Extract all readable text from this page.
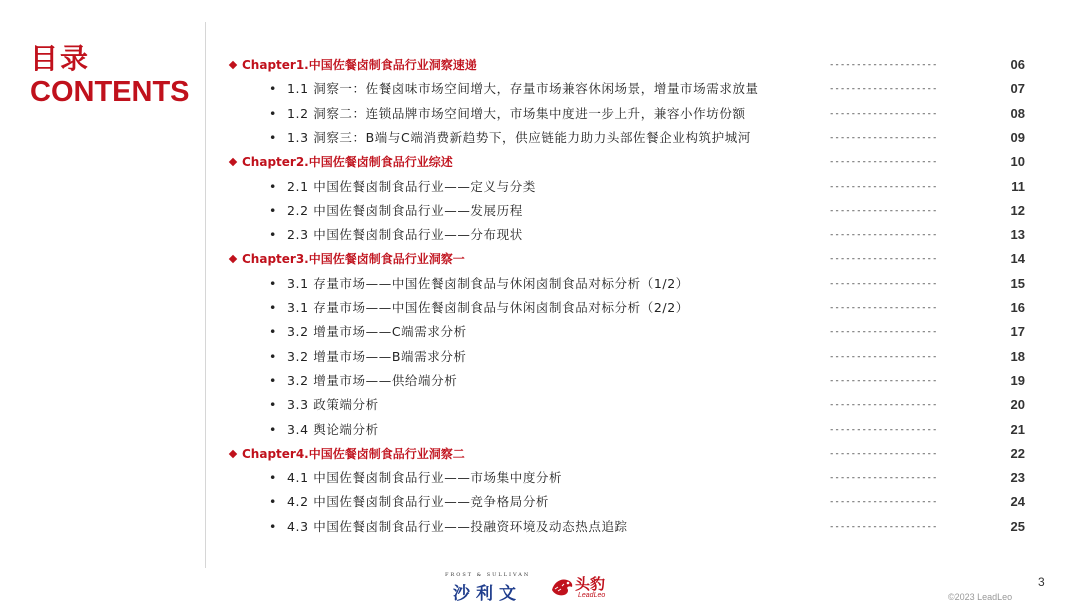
目录
CONTENTS
Chapter1.中国佐餐卤制食品行业洞察速递	--------------------	06
• 1.1 洞察一：佐餐卤味市场空间增大，存量市场兼容休闲场景，增量市场需求放量	--------------------	07
• 1.2 洞察二：连锁品牌市场空间增大，市场集中度进一步上升，兼容小作坊份额	--------------------	08
• 1.3 洞察三：B端与C端消费新趋势下，供应链能力助力头部佐餐企业构筑护城河	--------------------	09
Chapter2.中国佐餐卤制食品行业综述	--------------------	10
• 2.1 中国佐餐卤制食品行业——定义与分类	--------------------	11
• 2.2 中国佐餐卤制食品行业——发展历程	--------------------	12
• 2.3 中国佐餐卤制食品行业——分布现状	--------------------	13
Chapter3.中国佐餐卤制食品行业洞察一	--------------------	14
• 3.1 存量市场——中国佐餐卤制食品与休闲卤制食品对标分析（1/2）	--------------------	15
• 3.1 存量市场——中国佐餐卤制食品与休闲卤制食品对标分析（2/2）	--------------------	16
• 3.2 增量市场——C端需求分析	--------------------	17
• 3.2 增量市场——B端需求分析	--------------------	18
• 3.2 增量市场——供给端分析	--------------------	19
• 3.3 政策端分析	--------------------	20
• 3.4 舆论端分析	--------------------	21
Chapter4.中国佐餐卤制食品行业洞察二	--------------------	22
• 4.1 中国佐餐卤制食品行业——市场集中度分析	--------------------	23
• 4.2 中国佐餐卤制食品行业——竞争格局分析	--------------------	24
• 4.3 中国佐餐卤制食品行业——投融资环境及动态热点追踪	--------------------	25
FROST & SULLIVAN
沙利文	头豹
LeadLeo
3
©2023 LeadLeo
